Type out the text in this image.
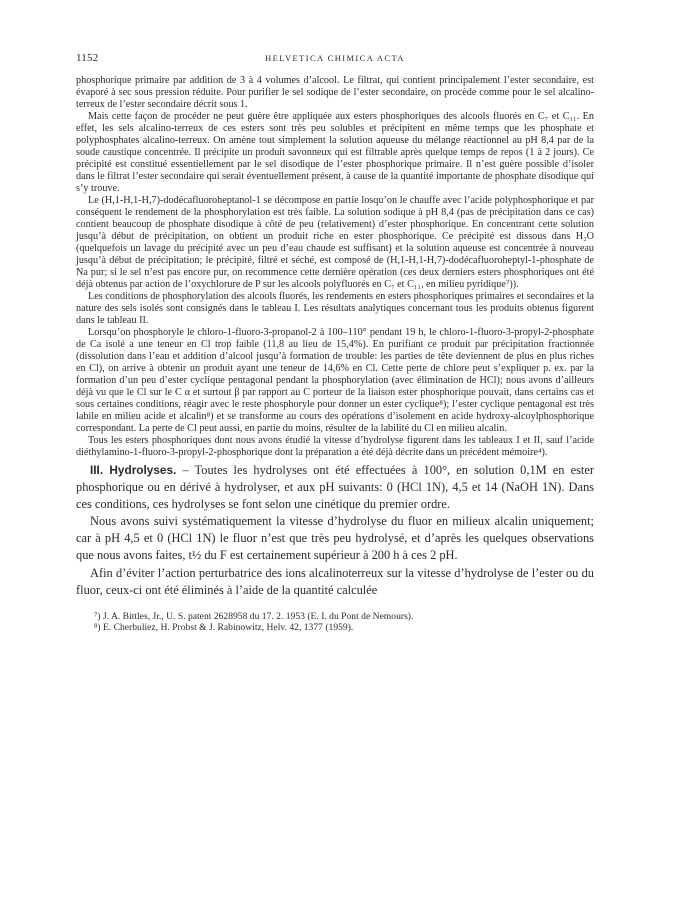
1152	HELVETICA CHIMICA ACTA

phosphorique primaire par addition de 3 à 4 volumes d’alcool. Le filtrat, qui contient principalement l’ester secondaire, est évaporé à sec sous pression réduite. Pour purifier le sel sodique de l’ester secondaire, on procède comme pour le sel alcalino-terreux de l’ester secondaire décrit sous 1.

Mais cette façon de procéder ne peut guère être appliquée aux esters phosphoriques des alcools fluorés en C₇ et C₁₁. En effet, les sels alcalino-terreux de ces esters sont très peu solubles et précipitent en même temps que les phosphate et polyphosphates alcalino-terreux. On amène tout simplement la solution aqueuse du mélange réactionnel au pH 8,4 par de la soude caustique concentrée. Il précipite un produit savonneux qui est filtrable après quelque temps de repos (1 à 2 jours). Ce précipité est constitué essentiellement par le sel disodique de l’ester phosphorique primaire. Il n’est guère possible d’isoler dans le filtrat l’ester secondaire qui serait éventuellement présent, à cause de la quantité importante de phosphate disodique qui s’y trouve.

Le (H,1-H,1-H,7)-dodécafluoroheptanol-1 se décompose en partie losqu’on le chauffe avec l’acide polyphosphorique et par conséquent le rendement de la phosphorylation est très faible. La solution sodique à pH 8,4 (pas de précipitation dans ce cas) contient beaucoup de phosphate disodique à côté de peu (relativement) d’ester phosphorique. En concentrant cette solution jusqu’à début de précipitation, on obtient un produit riche en ester phosphorique. Ce précipité est dissous dans H₂O (quelquefois un lavage du précipité avec un peu d’eau chaude est suffisant) et la solution aqueuse est concentrée à nouveau jusqu’à début de précipitation; le précipité, filtré et séché, est composé de (H,1-H,1-H,7)-dodécafluoroheptyl-1-phosphate de Na pur; si le sel n’est pas encore pur, on recommence cette dernière opération (ces deux derniers esters phosphoriques ont été déjà obtenus par action de l’oxychlorure de P sur les alcools polyfluorés en C₇ et C₁₁, en milieu pyridique⁷)).

Les conditions de phosphorylation des alcools fluorés, les rendements en esters phosphoriques primaires et secondaires et la nature des sels isolés sont consignés dans le tableau I. Les résultats analytiques concernant tous les produits obtenus figurent dans le tableau II.

Lorsqu’on phosphoryle le chloro-1-fluoro-3-propanol-2 à 100–110° pendant 19 h, le chloro-1-fluoro-3-propyl-2-phosphate de Ca isolé a une teneur en Cl trop faible (11,8 au lieu de 15,4%). En purifiant ce produit par précipitation fractionnée (dissolution dans l’eau et addition d’alcool jusqu’à formation de trouble: les parties de tête deviennent de plus en plus riches en Cl), on arrive à obtenir un produit ayant une teneur de 14,6% en Cl. Cette perte de chlore peut s’expliquer p. ex. par la formation d’un peu d’ester cyclique pentagonal pendant la phosphorylation (avec élimination de HCl); nous avons d’ailleurs déjà vu que le Cl sur le C α et surtout β par rapport au C porteur de la liaison ester phosphorique pouvait, dans certains cas et sous certaines conditions, réagir avec le reste phosphoryle pour donner un ester cyclique⁸); l’ester cyclique pentagonal est très labile en milieu acide et alcalin⁸) et se transforme au cours des opérations d’isolement en acide hydroxy-alcoylphosphorique correspondant. La perte de Cl peut aussi, en partie du moins, résulter de la labilité du Cl en milieu alcalin.

Tous les esters phosphoriques dont nous avons étudié la vitesse d’hydrolyse figurent dans les tableaux I et II, sauf l’acide diéthylamino-1-fluoro-3-propyl-2-phosphorique dont la préparation a été déjà décrite dans un précédent mémoire⁴).

III. Hydrolyses. – Toutes les hydrolyses ont été effectuées à 100°, en solution 0,1M en ester phosphorique ou en dérivé à hydrolyser, et aux pH suivants: 0 (HCl 1N), 4,5 et 14 (NaOH 1N). Dans ces conditions, ces hydrolyses se font selon une cinétique du premier ordre.

Nous avons suivi systématiquement la vitesse d’hydrolyse du fluor en milieux alcalin uniquement; car à pH 4,5 et 0 (HCl 1N) le fluor n’est que très peu hydrolysé, et d’après les quelques observations que nous avons faites, t½ du F est certainement supérieur à 200 h à ces 2 pH.

Afin d’éviter l’action perturbatrice des ions alcalinoterreux sur la vitesse d’hydrolyse de l’ester ou du fluor, ceux-ci ont été éliminés à l’aide de la quantité calculée

⁷) J. A. Bittles, Jr., U. S. patent 2628958 du 17. 2. 1953 (E. I. du Pont de Nemours).
⁸) E. Cherbuliez, H. Probst & J. Rabinowitz, Helv. 42, 1377 (1959).
